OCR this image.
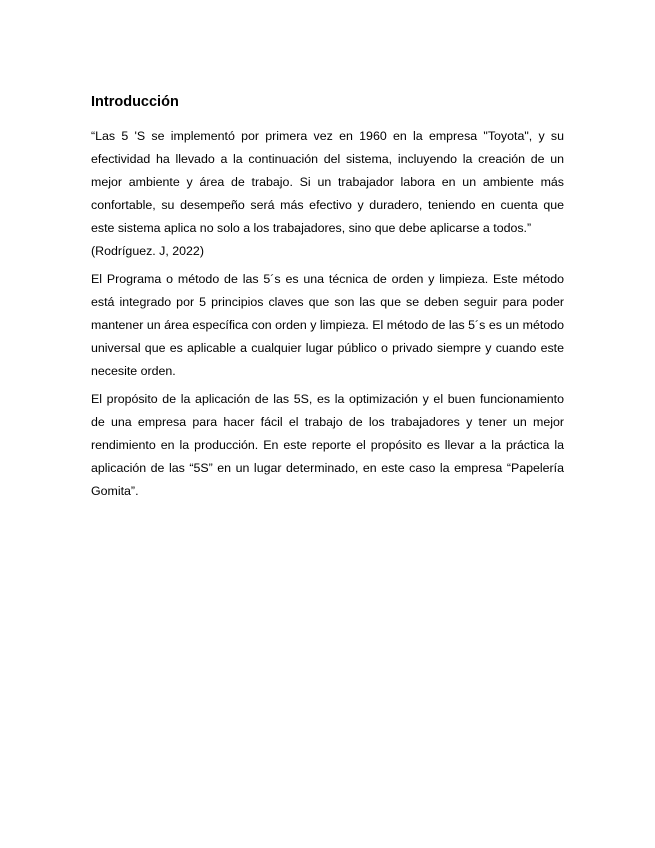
Introducción

“Las 5 'S se implementó por primera vez en 1960 en la empresa "Toyota", y su efectividad ha llevado a la continuación del sistema, incluyendo la creación de un mejor ambiente y área de trabajo. Si un trabajador labora en un ambiente más confortable, su desempeño será más efectivo y duradero, teniendo en cuenta que este sistema aplica no solo a los trabajadores, sino que debe aplicarse a todos.”
(Rodríguez. J, 2022)

El Programa o método de las 5´s es una técnica de orden y limpieza. Este método está integrado por 5 principios claves que son las que se deben seguir para poder mantener un área específica con orden y limpieza. El método de las 5´s es un método universal que es aplicable a cualquier lugar público o privado siempre y cuando este necesite orden.

El propósito de la aplicación de las 5S, es la optimización y el buen funcionamiento de una empresa para hacer fácil el trabajo de los trabajadores y tener un mejor rendimiento en la producción. En este reporte el propósito es llevar a la práctica la aplicación de las “5S” en un lugar determinado, en este caso la empresa “Papelería Gomita”.
